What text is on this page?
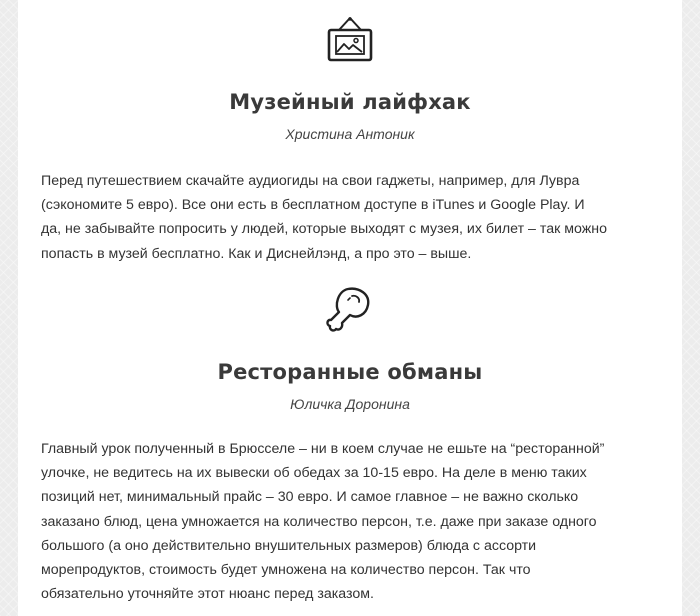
Музейный лайфхак
Христина Антоник

Перед путешествием скачайте аудиогиды на свои гаджеты, например, для Лувра

(сэкономите 5 евро). Все они есть в бесплатном доступе в iTunes и Google Play. И

да, не забывайте попросить у людей, которые выходят с музея, их билет – так можно

попасть в музей бесплатно. Как и Диснейлэнд, а про это – выше.

Ресторанные обманы
Юличка Доронина

Главный урок полученный в Брюсселе – ни в коем случае не ешьте на “ресторанной”

улочке, не ведитесь на их вывески об обедах за 10-15 евро. На деле в меню таких

позиций нет, минимальный прайс – 30 евро. И самое главное – не важно сколько

заказано блюд, цена умножается на количество персон, т.е. даже при заказе одного

большого (а оно действительно внушительных размеров) блюда с ассорти

морепродуктов, стоимость будет умножена на количество персон. Так что

обязательно уточняйте этот нюанс перед заказом.
